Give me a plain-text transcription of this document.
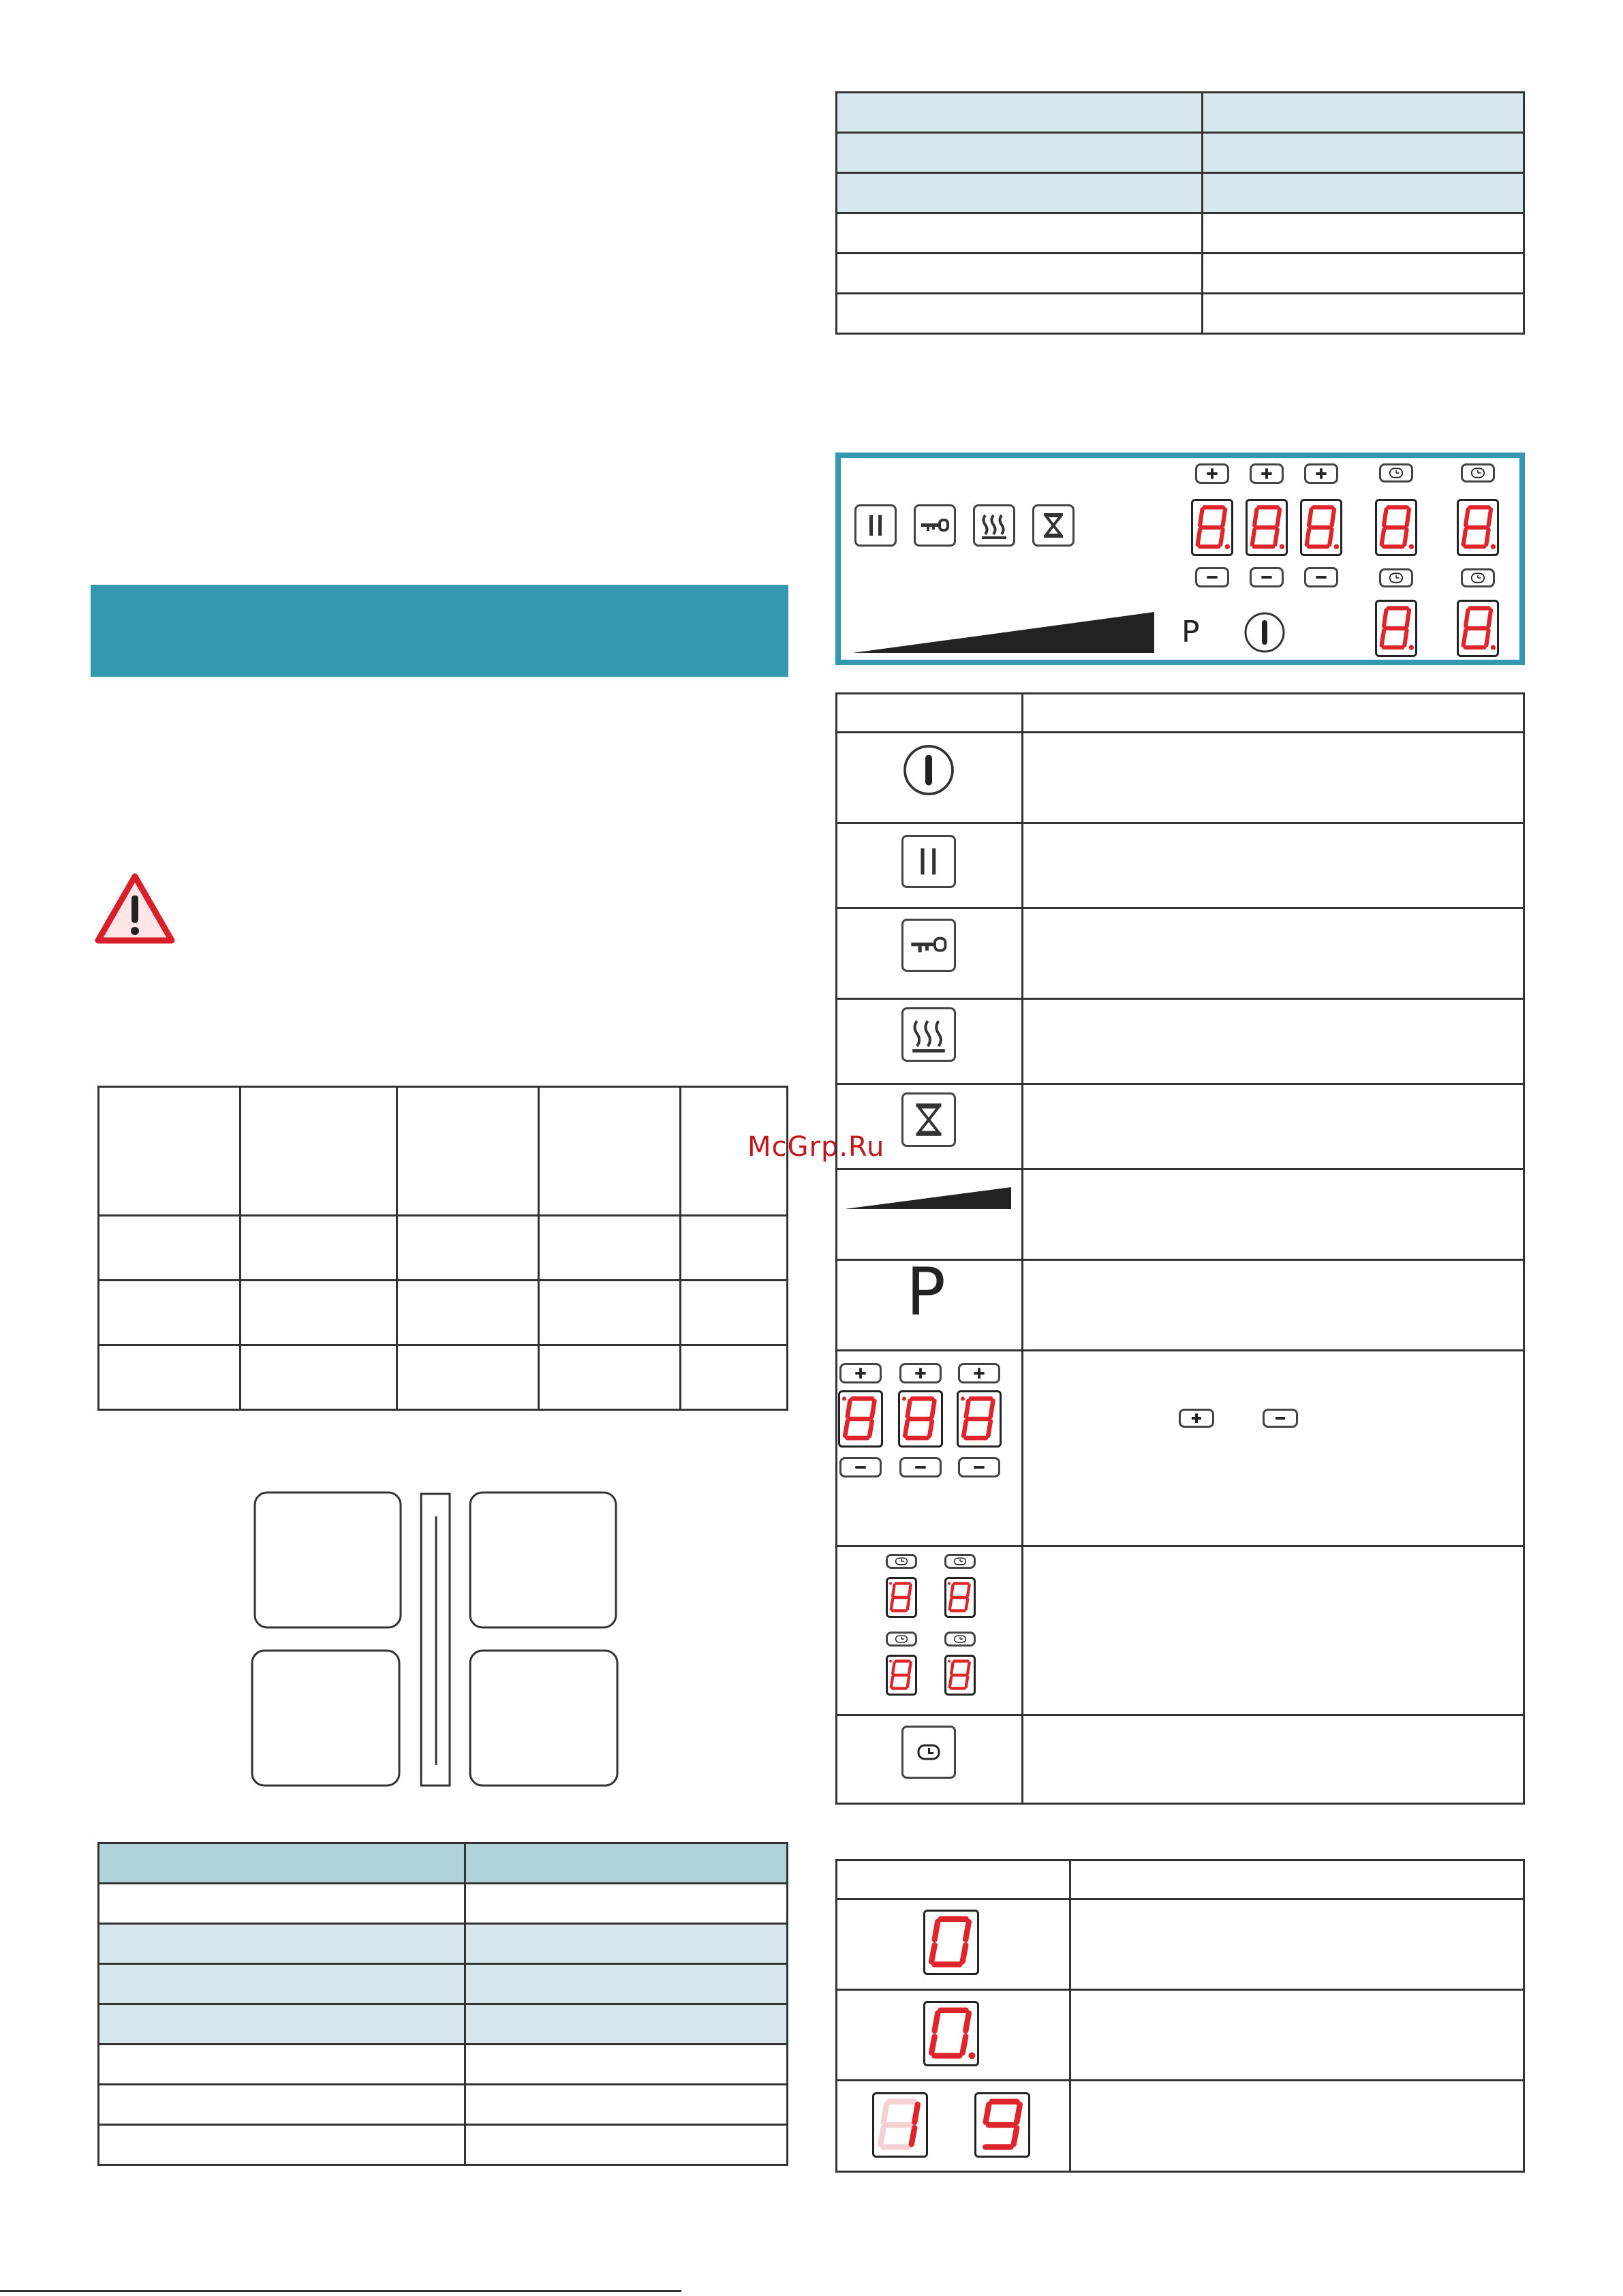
McGrp.Ru
P

P
